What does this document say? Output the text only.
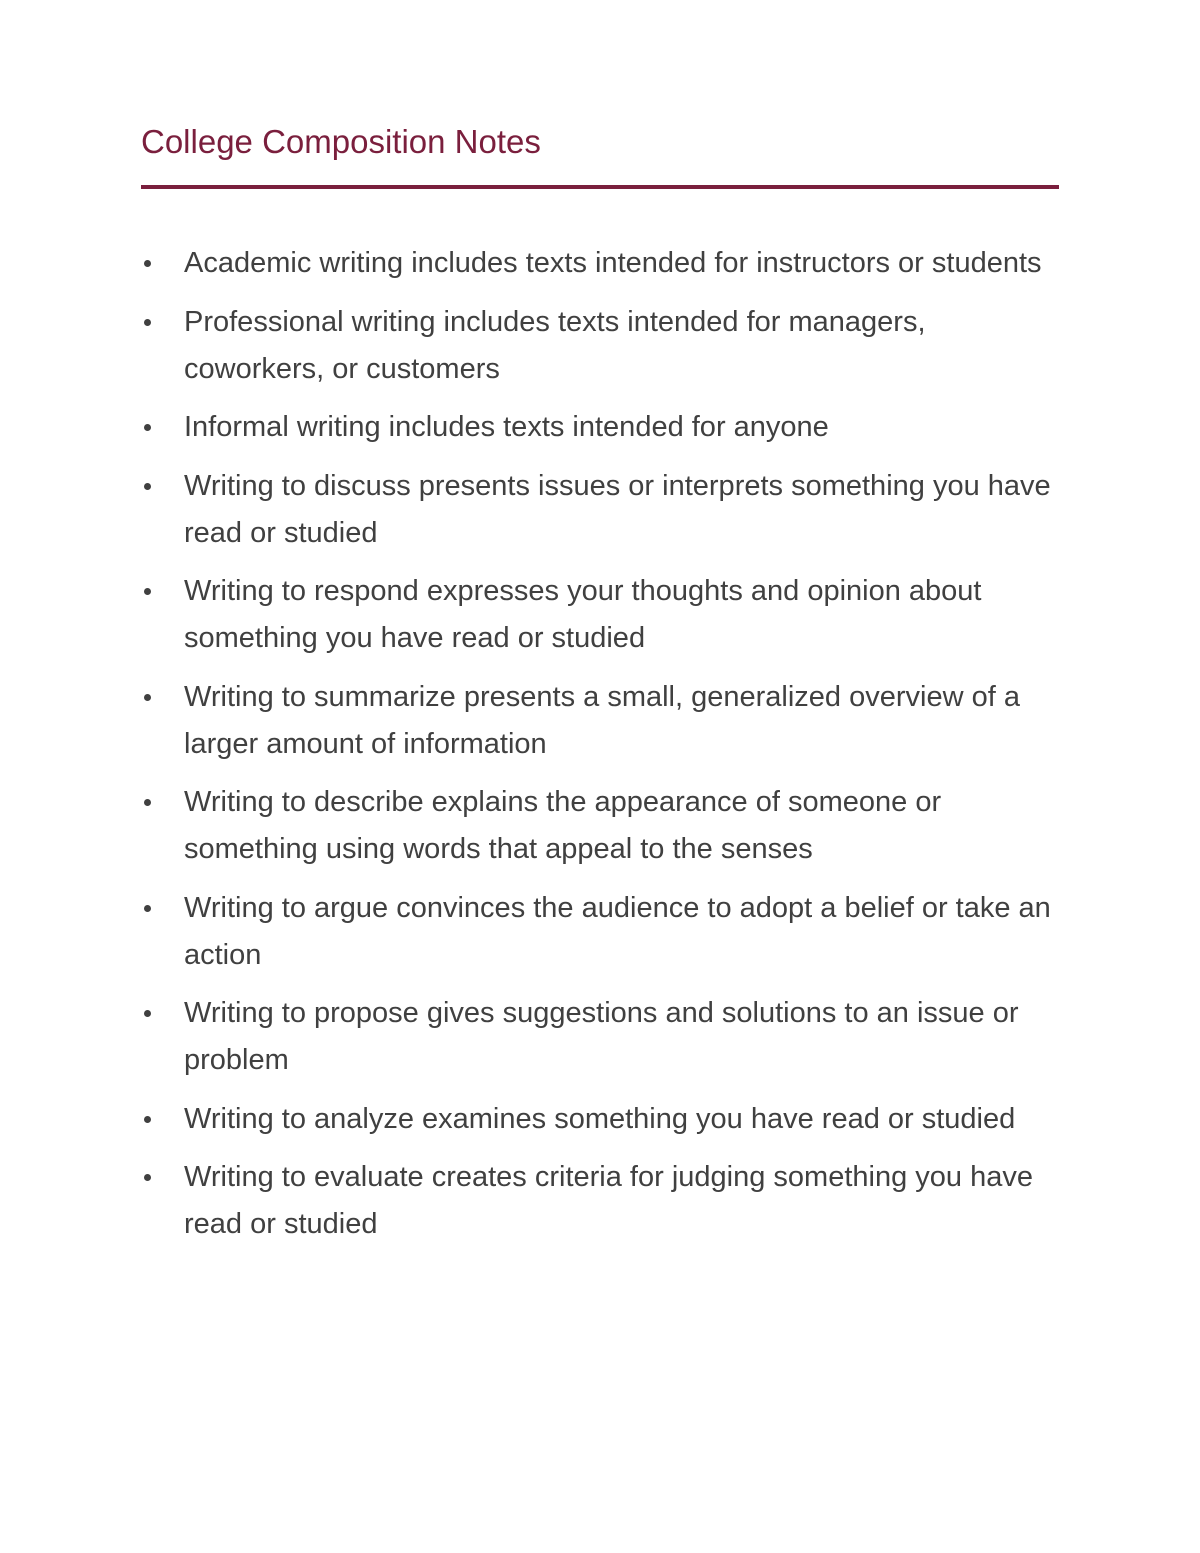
College Composition Notes
Academic writing includes texts intended for instructors or students
Professional writing includes texts intended for managers, coworkers, or customers
Informal writing includes texts intended for anyone
Writing to discuss presents issues or interprets something you have read or studied
Writing to respond expresses your thoughts and opinion about something you have read or studied
Writing to summarize presents a small, generalized overview of a larger amount of information
Writing to describe explains the appearance of someone or something using words that appeal to the senses
Writing to argue convinces the audience to adopt a belief or take an action
Writing to propose gives suggestions and solutions to an issue or problem
Writing to analyze examines something you have read or studied
Writing to evaluate creates criteria for judging something you have read or studied
